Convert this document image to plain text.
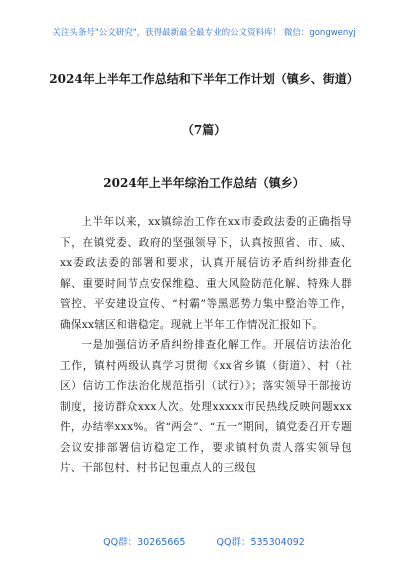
关注头条号"公文研究"，获得最新最全最专业的公文资料库！ 微信：gongwenyj
2024年上半年工作总结和下半年工作计划（镇乡、街道）
（7篇）
2024年上半年综治工作总结（镇乡）

上半年以来，xx镇综治工作在xx市委政法委的正确指导下，在镇党委、政府的坚强领导下，认真按照省、市、威、xx委政法委的部署和要求，认真开展信访矛盾纠纷排查化解、重要时间节点安保维稳、重大风险防范化解、特殊人群管控、平安建设宣传、“村霸”等黑恶势力集中整治等工作，确保xx辖区和谐稳定。现就上半年工作情况汇报如下。

一是加强信访矛盾纠纷排查化解工作。开展信访法治化工作，镇村两级认真学习贯彻《xx省乡镇（街道）、村（社区）信访工作法治化规范指引（试行）》；落实领导干部接访制度，接访群众xxx人次。处理xxxxx市民热线反映问题xxx件，办结率xxx%。省“两会”、“五一”期间，镇党委召开专题会议安排部署信访稳定工作，要求镇村负责人落实领导包片、干部包村、村书记包重点人的三级包

QQ群：30265665	QQ群：535304092
